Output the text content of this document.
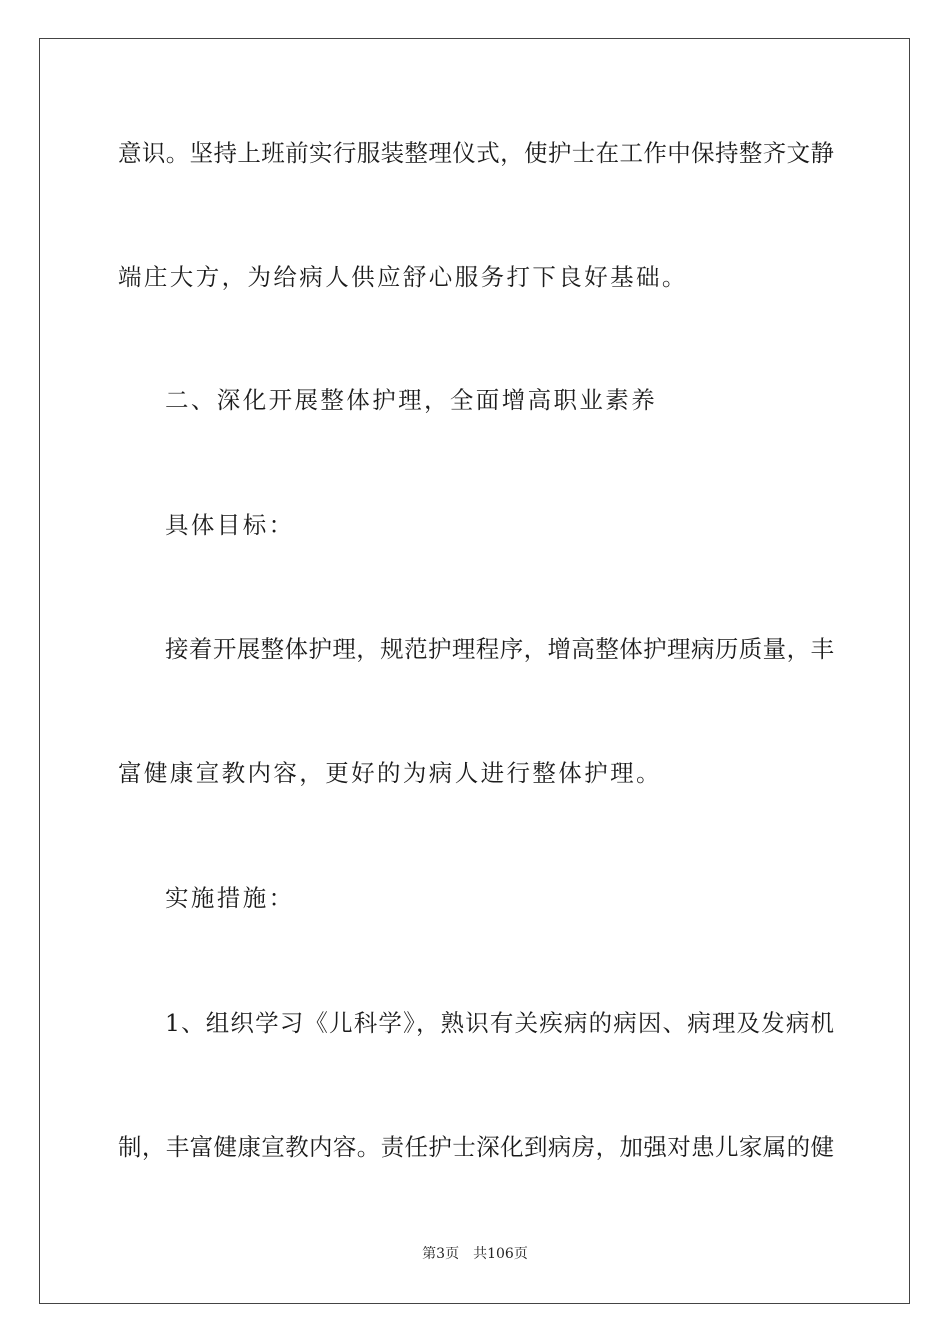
意识。坚持上班前实行服装整理仪式，使护士在工作中保持整齐文静
端庄大方，为给病人供应舒心服务打下良好基础。
二、深化开展整体护理，全面增高职业素养
具体目标：
接着开展整体护理，规范护理程序，增高整体护理病历质量，丰
富健康宣教内容，更好的为病人进行整体护理。
实施措施：
1、组织学习《儿科学》，熟识有关疾病的病因、病理及发病机
制，丰富健康宣教内容。责任护士深化到病房，加强对患儿家属的健
第3页 共106页
